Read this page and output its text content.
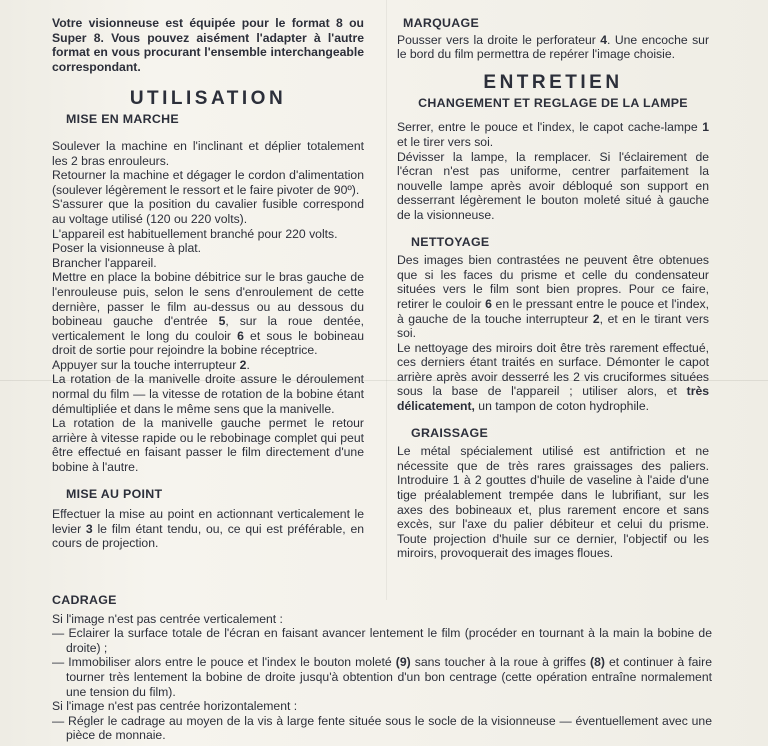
Votre visionneuse est équipée pour le format 8 ou Super 8. Vous pouvez aisément l'adapter à l'autre format en vous procurant l'ensemble interchangeable correspondant.

UTILISATION
MISE EN MARCHE

Soulever la machine en l'inclinant et déplier totalement les 2 bras enrouleurs.

Retourner la machine et dégager le cordon d'alimentation (soulever légèrement le ressort et le faire pivoter de 90º).

S'assurer que la position du cavalier fusible correspond au voltage utilisé (120 ou 220 volts).

L'appareil est habituellement branché pour 220 volts.

Poser la visionneuse à plat.

Brancher l'appareil.

Mettre en place la bobine débitrice sur le bras gauche de l'enrouleuse puis, selon le sens d'enroulement de cette dernière, passer le film au-dessus ou au dessous du bobineau gauche d'entrée 5, sur la roue dentée, verticalement le long du couloir 6 et sous le bobineau droit de sortie pour rejoindre la bobine réceptrice.

Appuyer sur la touche interrupteur 2.

La rotation de la manivelle droite assure le déroulement normal du film — la vitesse de rotation de la bobine étant démultipliée et dans le même sens que la manivelle.

La rotation de la manivelle gauche permet le retour arrière à vitesse rapide ou le rebobinage complet qui peut être effectué en faisant passer le film directement d'une bobine à l'autre.

MISE AU POINT

Effectuer la mise au point en actionnant verticalement le levier 3 le film étant tendu, ou, ce qui est préférable, en cours de projection.

MARQUAGE

Pousser vers la droite le perforateur 4. Une encoche sur le bord du film permettra de repérer l'image choisie.

ENTRETIEN
CHANGEMENT ET REGLAGE DE LA LAMPE

Serrer, entre le pouce et l'index, le capot cache-lampe 1 et le tirer vers soi.

Dévisser la lampe, la remplacer. Si l'éclairement de l'écran n'est pas uniforme, centrer parfaitement la nouvelle lampe après avoir débloqué son support en desserrant légèrement le bouton moleté situé à gauche de la visionneuse.

NETTOYAGE

Des images bien contrastées ne peuvent être obtenues que si les faces du prisme et celle du condensateur situées vers le film sont bien propres. Pour ce faire, retirer le couloir 6 en le pressant entre le pouce et l'index, à gauche de la touche interrupteur 2, et en le tirant vers soi.

Le nettoyage des miroirs doit être très rarement effectué, ces derniers étant traités en surface. Démonter le capot arrière après avoir desserré les 2 vis cruciformes situées sous la base de l'appareil ; utiliser alors, et très délicatement, un tampon de coton hydrophile.

GRAISSAGE

Le métal spécialement utilisé est antifriction et ne nécessite que de très rares graissages des paliers. Introduire 1 à 2 gouttes d'huile de vaseline à l'aide d'une tige préalablement trempée dans le lubrifiant, sur les axes des bobineaux et, plus rarement encore et sans excès, sur l'axe du palier débiteur et celui du prisme. Toute projection d'huile sur ce dernier, l'objectif ou les miroirs, provoquerait des images floues.

CADRAGE

Si l'image n'est pas centrée verticalement :

— Eclairer la surface totale de l'écran en faisant avancer lentement le film (procéder en tournant à la main la bobine de droite) ;

— Immobiliser alors entre le pouce et l'index le bouton moleté (9) sans toucher à la roue à griffes (8) et continuer à faire tourner très lentement la bobine de droite jusqu'à obtention d'un bon centrage (cette opération entraîne normalement une tension du film).

Si l'image n'est pas centrée horizontalement :

— Régler le cadrage au moyen de la vis à large fente située sous le socle de la visionneuse — éventuellement avec une pièce de monnaie.
